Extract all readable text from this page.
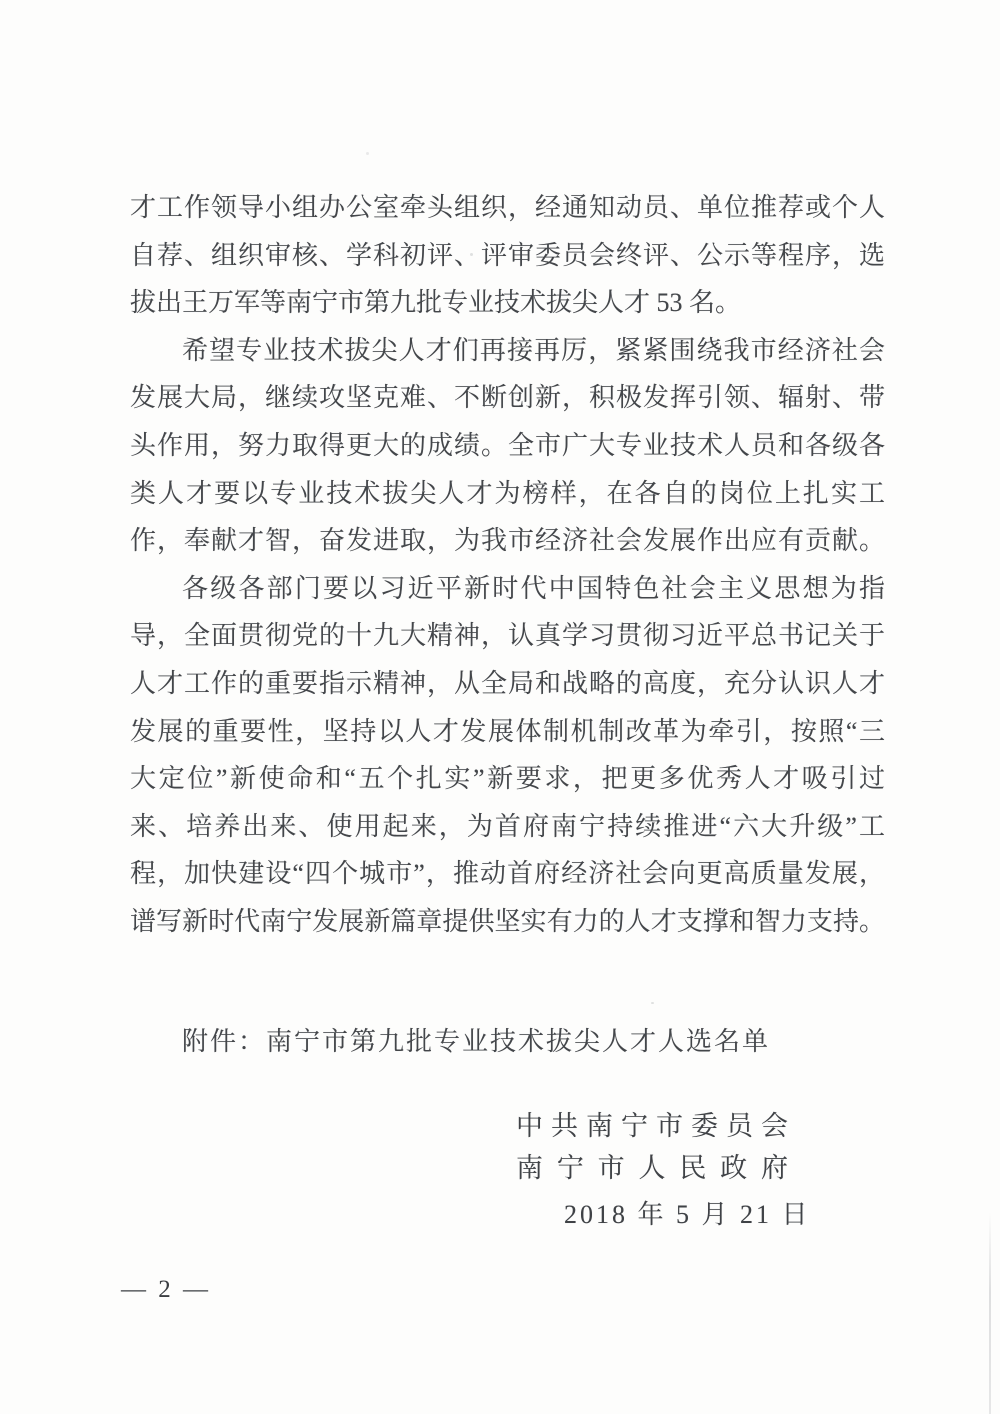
才工作领导小组办公室牵头组织，经通知动员、单位推荐或个人
自荐、组织审核、学科初评、评审委员会终评、公示等程序，选
拔出王万军等南宁市第九批专业技术拔尖人才 53 名。
希望专业技术拔尖人才们再接再厉，紧紧围绕我市经济社会
发展大局，继续攻坚克难、不断创新，积极发挥引领、辐射、带
头作用，努力取得更大的成绩。全市广大专业技术人员和各级各
类人才要以专业技术拔尖人才为榜样，在各自的岗位上扎实工
作，奉献才智，奋发进取，为我市经济社会发展作出应有贡献。
各级各部门要以习近平新时代中国特色社会主义思想为指
导，全面贯彻党的十九大精神，认真学习贯彻习近平总书记关于
人才工作的重要指示精神，从全局和战略的高度，充分认识人才
发展的重要性，坚持以人才发展体制机制改革为牵引，按照“三
大定位”新使命和“五个扎实”新要求，把更多优秀人才吸引过
来、培养出来、使用起来，为首府南宁持续推进“六大升级”工
程，加快建设“四个城市”，推动首府经济社会向更高质量发展，
谱写新时代南宁发展新篇章提供坚实有力的人才支撑和智力支持。
附件：南宁市第九批专业技术拔尖人才人选名单
中共南宁市委员会
南宁市人民政府
2018 年 5 月 21 日
— 2 —
